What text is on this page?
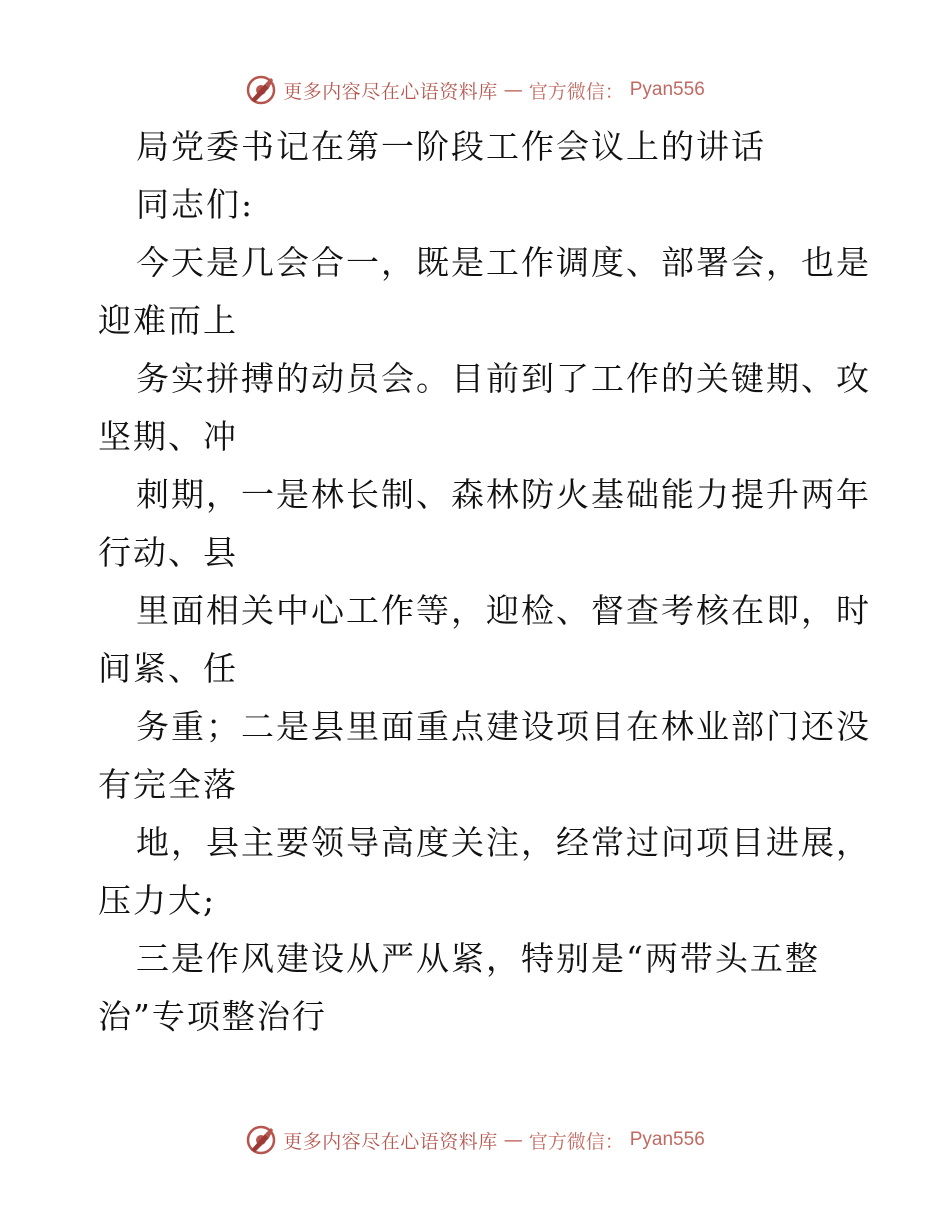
更多内容尽在心语资料库 — 官方微信： Pyan556
局党委书记在第一阶段工作会议上的讲话
同志们:
今天是几会合一，既是工作调度、部署会，也是
迎难而上
务实拼搏的动员会。目前到了工作的关键期、攻
坚期、冲
刺期，一是林长制、森林防火基础能力提升两年
行动、县
里面相关中心工作等，迎检、督查考核在即，时
间紧、任
务重；二是县里面重点建设项目在林业部门还没
有完全落
地，县主要领导高度关注，经常过问项目进展，
压力大;
三是作风建设从严从紧，特别是“两带头五整
治”专项整治行
更多内容尽在心语资料库 — 官方微信： Pyan556
